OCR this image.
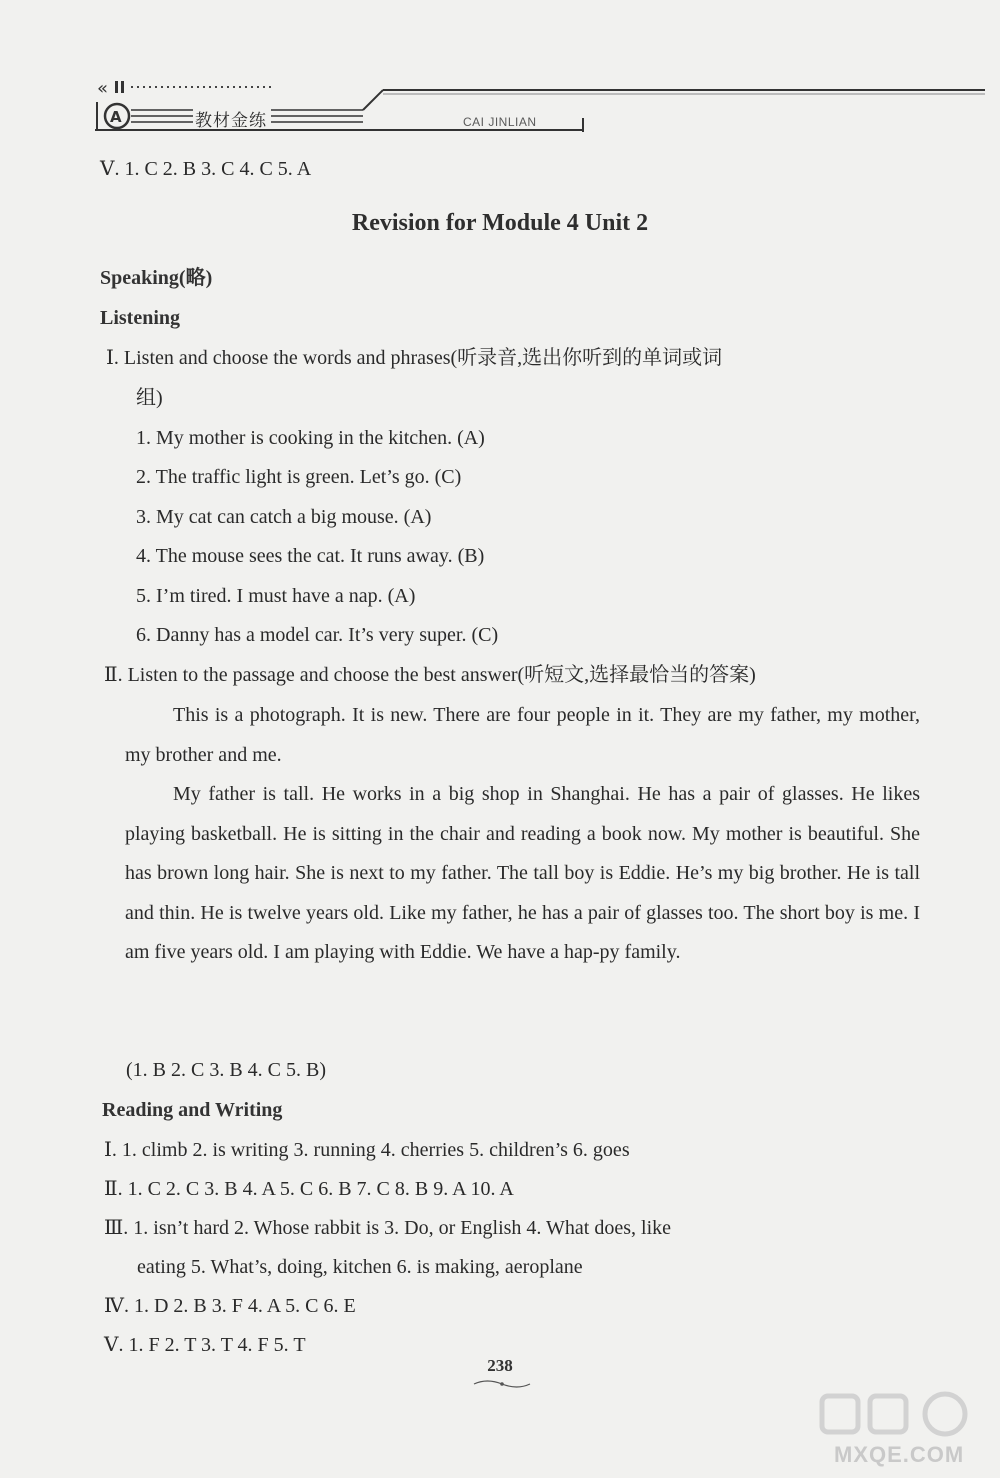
«
A	教材金练	CAI JINLIAN
Ⅴ. 1. C 2. B 3. C 4. C 5. A
Revision for Module 4 Unit 2
Speaking(略)
Listening
Ⅰ. Listen and choose the words and phrases(听录音,选出你听到的单词或词
组)
1. My mother is cooking in the kitchen. (A)
2. The traffic light is green. Let’s go. (C)
3. My cat can catch a big mouse. (A)
4. The mouse sees the cat. It runs away. (B)
5. I’m tired. I must have a nap. (A)
6. Danny has a model car. It’s very super. (C)
Ⅱ. Listen to the passage and choose the best answer(听短文,选择最恰当的答案)
This is a photograph. It is new. There are four people in it. They are my father, my mother, my brother and me.
My father is tall. He works in a big shop in Shanghai. He has a pair of glasses. He likes playing basketball. He is sitting in the chair and reading a book now. My mother is beautiful. She has brown long hair. She is next to my father. The tall boy is Eddie. He’s my big brother. He is tall and thin. He is twelve years old. Like my father, he has a pair of glasses too. The short boy is me. I am five years old. I am playing with Eddie. We have a hap-py family.
(1. B 2. C 3. B 4. C 5. B)
Reading and Writing
Ⅰ. 1. climb 2. is writing 3. running 4. cherries 5. children’s 6. goes
Ⅱ. 1. C 2. C 3. B 4. A 5. C 6. B 7. C 8. B 9. A 10. A
Ⅲ. 1. isn’t hard 2. Whose rabbit is 3. Do, or English 4. What does, like
eating 5. What’s, doing, kitchen 6. is making, aeroplane
Ⅳ. 1. D 2. B 3. F 4. A 5. C 6. E
Ⅴ. 1. F 2. T 3. T 4. F 5. T
238
MXQE.COM
